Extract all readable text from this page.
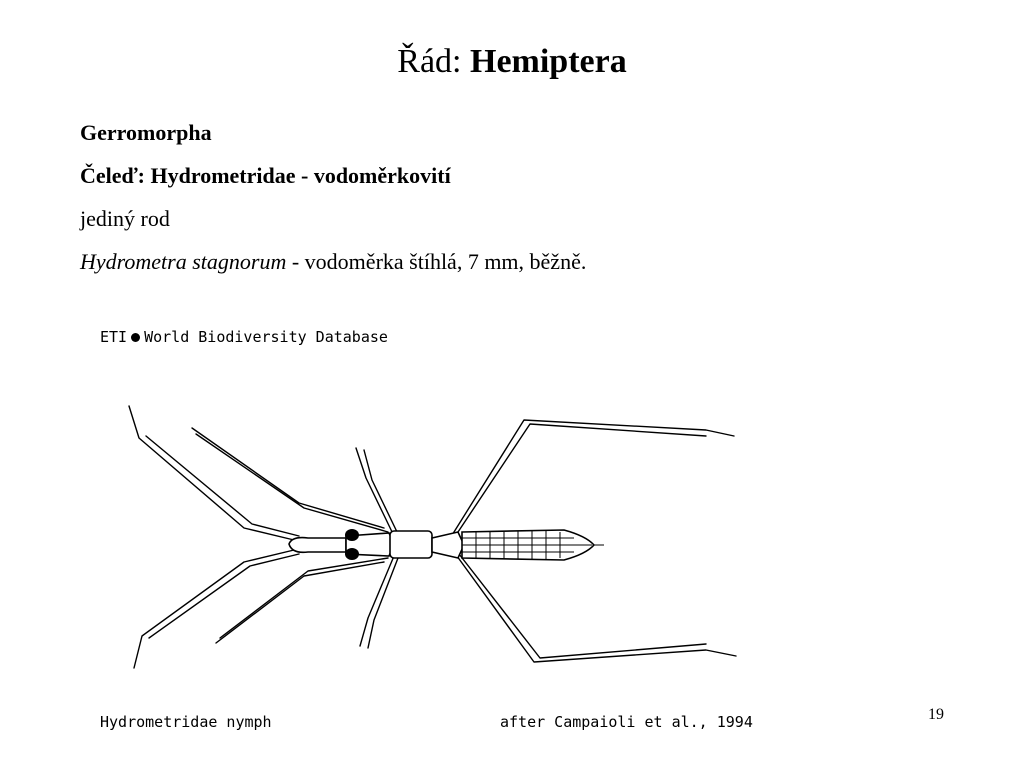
Řád: Hemiptera
Gerromorpha
Čeleď: Hydrometridae - vodoměrkovití
jediný rod
Hydrometra stagnorum - vodoměrka štíhlá, 7 mm, běžně.
ETI World Biodiversity Database
Hydrometridae nymph	after Campaioli et al., 1994	19
